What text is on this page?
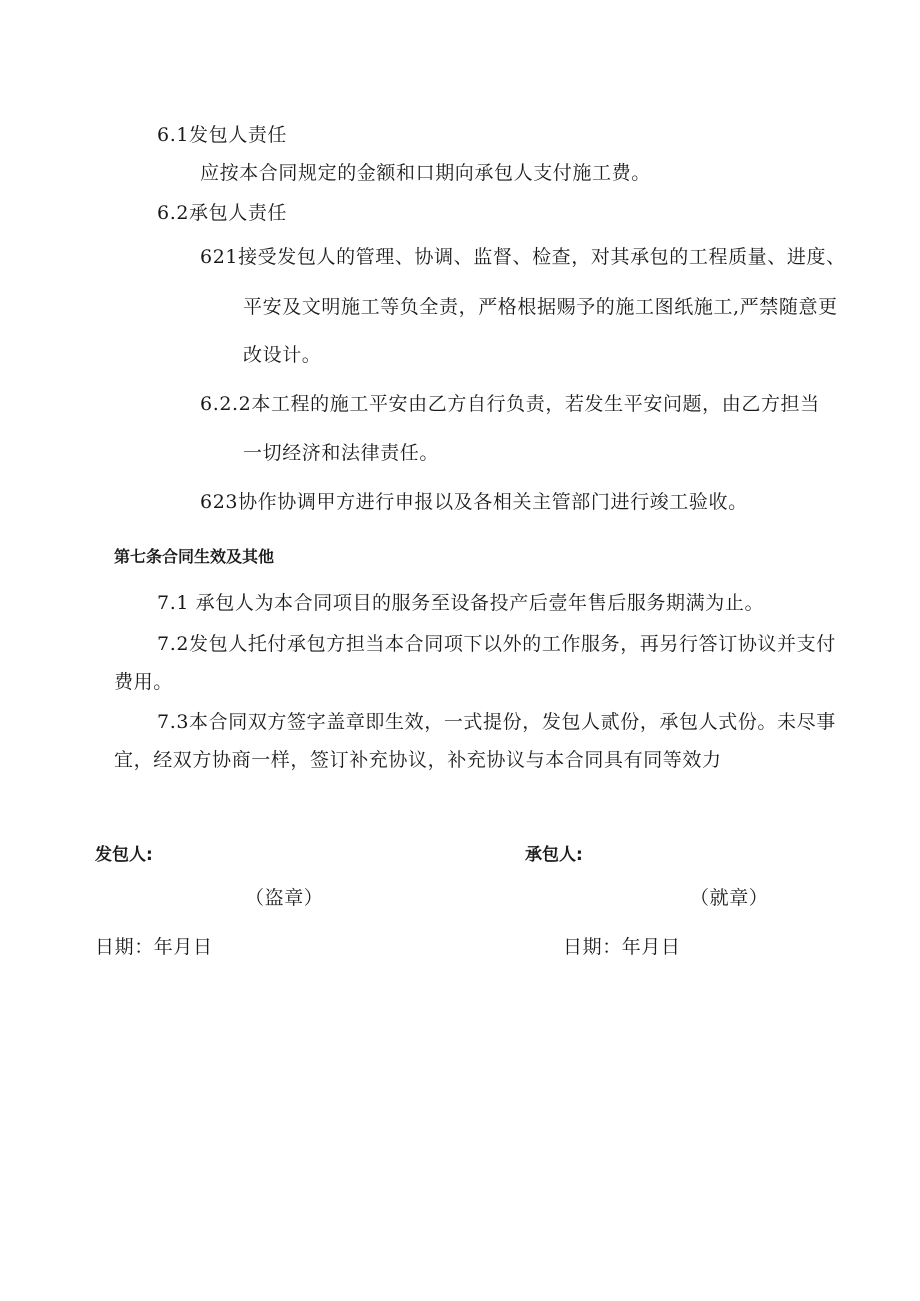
6.1发包人责任
应按本合同规定的金额和口期向承包人支付施工费。
6.2承包人责任
621接受发包人的管理、协调、监督、检查，对其承包的工程质量、进度、
平安及文明施工等负全责，严格根据赐予的施工图纸施工,严禁随意更
改设计。
6.2.2本工程的施工平安由乙方自行负责，若发生平安问题，由乙方担当
一切经济和法律责任。
623协作协调甲方进行申报以及各相关主管部门进行竣工验收。
第七条合同生效及其他
7.1 承包人为本合同项目的服务至设备投产后壹年售后服务期满为止。
7.2发包人托付承包方担当本合同项下以外的工作服务，再另行答订协议并支付
费用。
7.3本合同双方签字盖章即生效，一式提份，发包人贰份，承包人式份。未尽事
宜，经双方协商一样，签订补充协议，补充协议与本合同具有同等效力
发包人:	承包人:
（盗章）	（就章）
日期：年月日	日期：年月日
